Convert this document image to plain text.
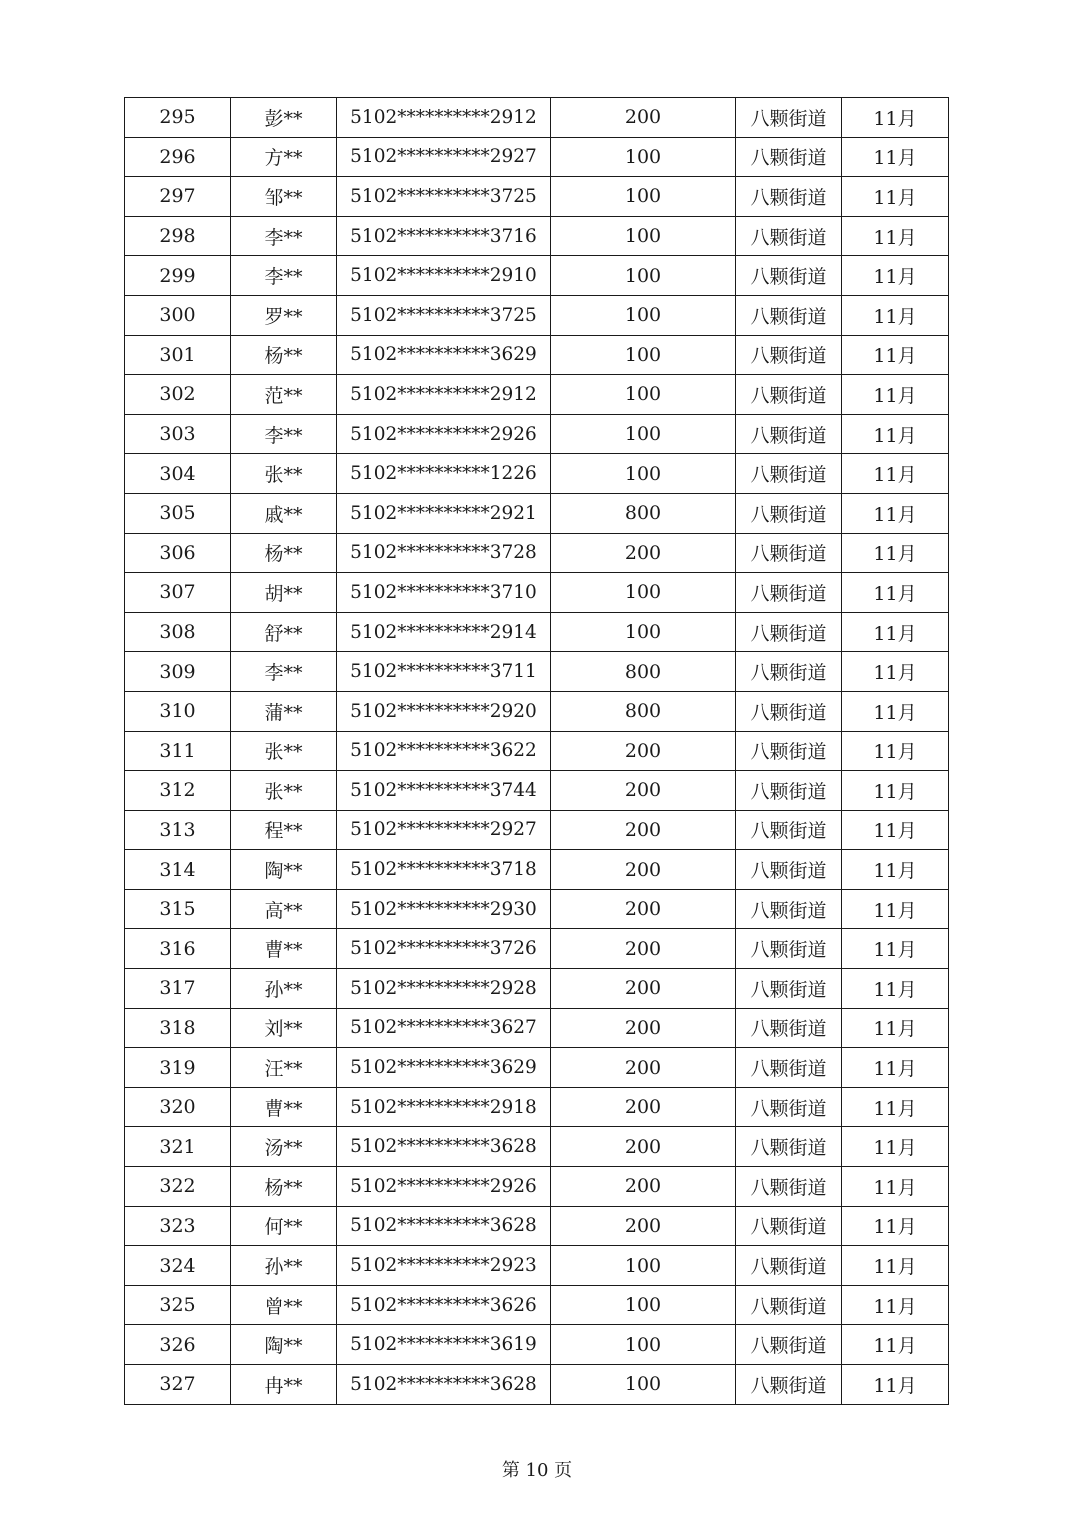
295	彭**	5102**********2912	200	八颗街道	11月
296	方**	5102**********2927	100	八颗街道	11月
297	邹**	5102**********3725	100	八颗街道	11月
298	李**	5102**********3716	100	八颗街道	11月
299	李**	5102**********2910	100	八颗街道	11月
300	罗**	5102**********3725	100	八颗街道	11月
301	杨**	5102**********3629	100	八颗街道	11月
302	范**	5102**********2912	100	八颗街道	11月
303	李**	5102**********2926	100	八颗街道	11月
304	张**	5102**********1226	100	八颗街道	11月
305	戚**	5102**********2921	800	八颗街道	11月
306	杨**	5102**********3728	200	八颗街道	11月
307	胡**	5102**********3710	100	八颗街道	11月
308	舒**	5102**********2914	100	八颗街道	11月
309	李**	5102**********3711	800	八颗街道	11月
310	蒲**	5102**********2920	800	八颗街道	11月
311	张**	5102**********3622	200	八颗街道	11月
312	张**	5102**********3744	200	八颗街道	11月
313	程**	5102**********2927	200	八颗街道	11月
314	陶**	5102**********3718	200	八颗街道	11月
315	高**	5102**********2930	200	八颗街道	11月
316	曹**	5102**********3726	200	八颗街道	11月
317	孙**	5102**********2928	200	八颗街道	11月
318	刘**	5102**********3627	200	八颗街道	11月
319	汪**	5102**********3629	200	八颗街道	11月
320	曹**	5102**********2918	200	八颗街道	11月
321	汤**	5102**********3628	200	八颗街道	11月
322	杨**	5102**********2926	200	八颗街道	11月
323	何**	5102**********3628	200	八颗街道	11月
324	孙**	5102**********2923	100	八颗街道	11月
325	曾**	5102**********3626	100	八颗街道	11月
326	陶**	5102**********3619	100	八颗街道	11月
327	冉**	5102**********3628	100	八颗街道	11月
第 10 页
